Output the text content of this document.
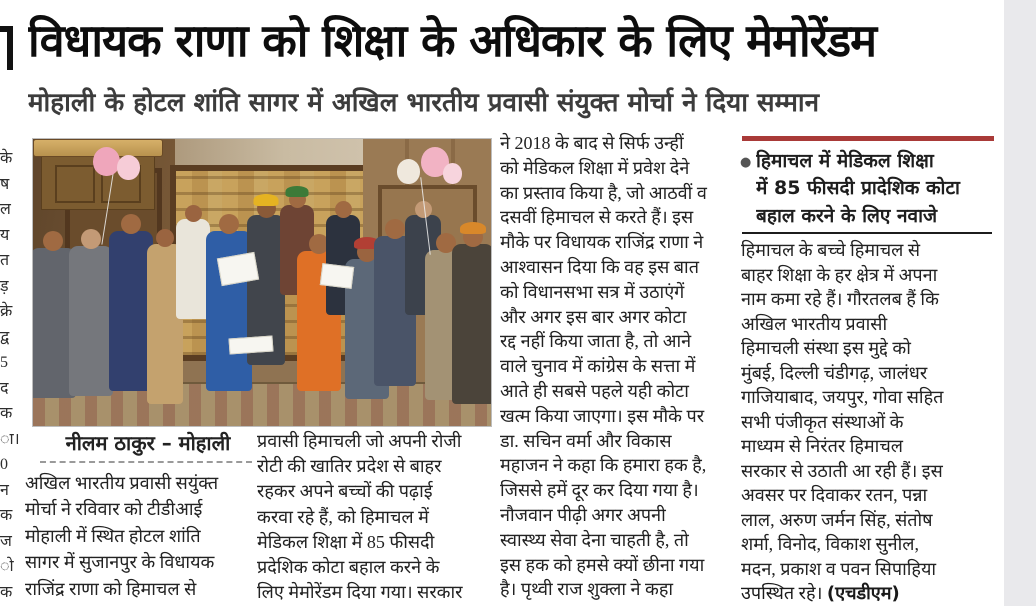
विधायक राणा को शिक्षा के अधिकार के लिए मेमोरेंडम
मोहाली के होटल शांति सागर में अखिल भारतीय प्रवासी संयुक्त मोर्चा ने दिया सम्मान
के
ष
ल
य
त
ड़
क्रे
द्व
5
द
क
ा।
0
न
क
ज
ो
क
नीलम ठाकुर – मोहाली
अखिल भारतीय प्रवासी सयुंक्त
मोर्चा ने रविवार को टीडीआई
मोहाली में स्थित होटल शांति
सागर में सुजानपुर के विधायक
राजिंद्र राणा को हिमाचल से
प्रवासी हिमाचली जो अपनी रोजी
रोटी की खातिर प्रदेश से बाहर
रहकर अपने बच्चों की पढ़ाई
करवा रहे हैं, को हिमाचल में
मेडिकल शिक्षा में 85 फीसदी
प्रदेशिक कोटा बहाल करने के
लिए मेमोरेंडम दिया गया। सरकार
ने 2018 के बाद से सिर्फ उन्हीं
को मेडिकल शिक्षा में प्रवेश देने
का प्रस्ताव किया है, जो आठवीं व
दसवीं हिमाचल से करते हैं। इस
मौके पर विधायक राजिंद्र राणा ने
आश्वासन दिया कि वह इस बात
को विधानसभा सत्र में उठाएंगें
और अगर इस बार अगर कोटा
रद्द नहीं किया जाता है, तो आने
वाले चुनाव में कांग्रेस के सत्ता में
आते ही सबसे पहले यही कोटा
खत्म किया जाएगा। इस मौके पर
डा. सचिन वर्मा और विकास
महाजन ने कहा कि हमारा हक है,
जिससे हमें दूर कर दिया गया है।
नौजवान पीढ़ी अगर अपनी
स्वास्थ्य सेवा देना चाहती है, तो
इस हक को हमसे क्यों छीना गया
है। पृथ्वी राज शुक्ला ने कहा
● हिमाचल में मेडिकल शिक्षा
में 85 फीसदी प्रादेशिक कोटा
बहाल करने के लिए नवाजे
हिमाचल के बच्चे हिमाचल से
बाहर शिक्षा के हर क्षेत्र में अपना
नाम कमा रहे हैं। गौरतलब हैं कि
अखिल भारतीय प्रवासी
हिमाचली संस्था इस मुद्दे को
मुंबई, दिल्ली चंडीगढ़, जालंधर
गाजियाबाद, जयपुर, गोवा सहित
सभी पंजीकृत संस्थाओं के
माध्यम से निरंतर हिमाचल
सरकार से उठाती आ रही हैं। इस
अवसर पर दिवाकर रतन, पन्ना
लाल, अरुण जर्मन सिंह, संतोष
शर्मा, विनोद, विकाश सुनील,
मदन, प्रकाश व पवन सिपाहिया
उपस्थित रहे। (एचडीएम)
